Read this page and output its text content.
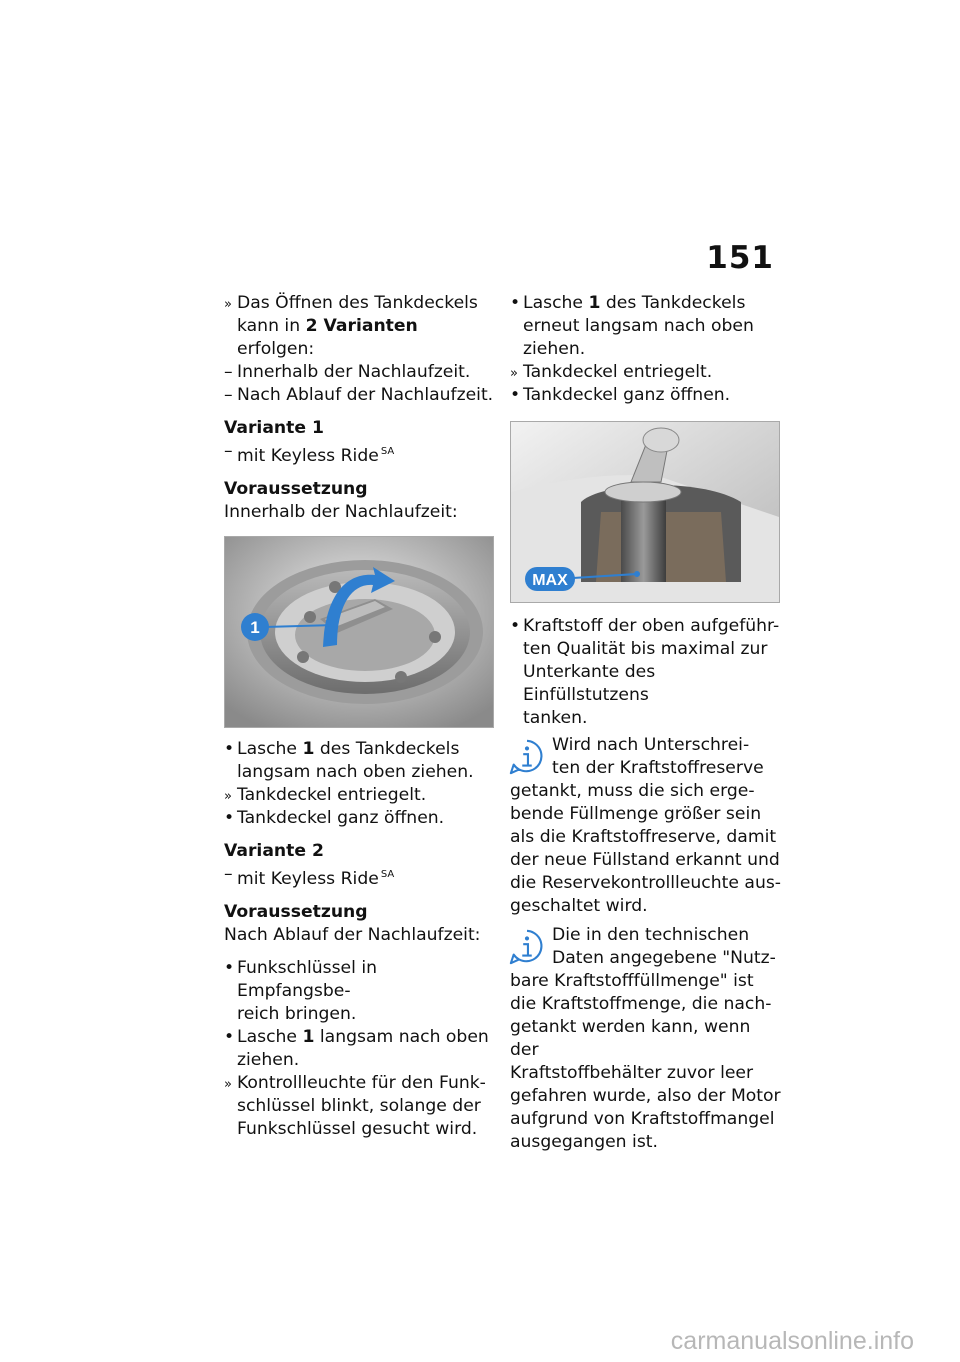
151
» Das Öffnen des Tankdeckels
kann in 2 Varianten erfolgen:
– Innerhalb der Nachlaufzeit.
– Nach Ablauf der Nachlaufzeit.
Variante 1
– mit Keyless Ride $^{SA}$
Voraussetzung
Innerhalb der Nachlaufzeit:
1
• Lasche 1 des Tankdeckels
langsam nach oben ziehen.
» Tankdeckel entriegelt.
• Tankdeckel ganz öffnen.
Variante 2
– mit Keyless Ride $^{SA}$
Voraussetzung
Nach Ablauf der Nachlaufzeit:
• Funkschlüssel in Empfangsbe-
reich bringen.
• Lasche 1 langsam nach oben
ziehen.
» Kontrollleuchte für den Funk-
schlüssel blinkt, solange der
Funkschlüssel gesucht wird.
• Lasche 1 des Tankdeckels
erneut langsam nach oben
ziehen.
» Tankdeckel entriegelt.
• Tankdeckel ganz öffnen.
MAX
• Kraftstoff der oben aufgeführ-
ten Qualität bis maximal zur
Unterkante des Einfüllstutzens
tanken.
Wird nach Unterschrei-
ten der Kraftstoffreserve
getankt, muss die sich erge-
bende Füllmenge größer sein
als die Kraftstoffreserve, damit
der neue Füllstand erkannt und
die Reservekontrollleuchte aus-
geschaltet wird.
Die in den technischen
Daten angegebene "Nutz-
bare Kraftstofffüllmenge" ist
die Kraftstoffmenge, die nach-
getankt werden kann, wenn der
Kraftstoffbehälter zuvor leer
gefahren wurde, also der Motor
aufgrund von Kraftstoffmangel
ausgegangen ist.
carmanualsonline.info
